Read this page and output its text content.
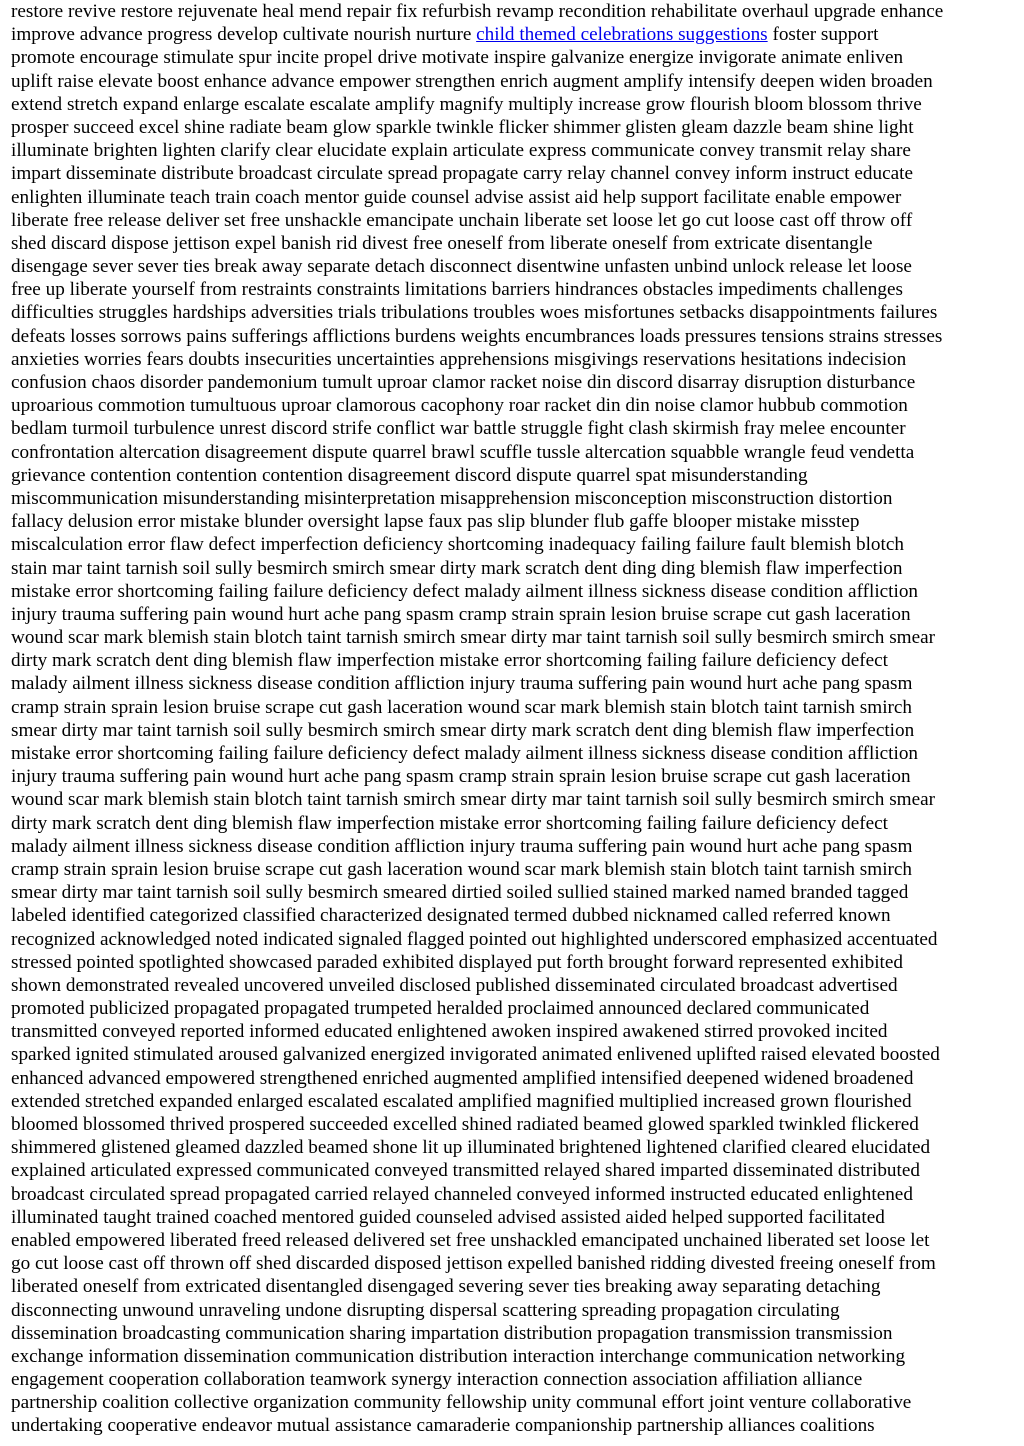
restore revive restore rejuvenate heal mend repair fix refurbish revamp recondition rehabilitate overhaul upgrade enhance
improve advance progress develop cultivate nourish nurture child themed celebrations suggestions foster support
promote encourage stimulate spur incite propel drive motivate inspire galvanize energize invigorate animate enliven
uplift raise elevate boost enhance advance empower strengthen enrich augment amplify intensify deepen widen broaden
extend stretch expand enlarge escalate escalate amplify magnify multiply increase grow flourish bloom blossom thrive
prosper succeed excel shine radiate beam glow sparkle twinkle flicker shimmer glisten gleam dazzle beam shine light
illuminate brighten lighten clarify clear elucidate explain articulate express communicate convey transmit relay share
impart disseminate distribute broadcast circulate spread propagate carry relay channel convey inform instruct educate
enlighten illuminate teach train coach mentor guide counsel advise assist aid help support facilitate enable empower
liberate free release deliver set free unshackle emancipate unchain liberate set loose let go cut loose cast off throw off
shed discard dispose jettison expel banish rid divest free oneself from liberate oneself from extricate disentangle
disengage sever sever ties break away separate detach disconnect disentwine unfasten unbind unlock release let loose
free up liberate yourself from restraints constraints limitations barriers hindrances obstacles impediments challenges
difficulties struggles hardships adversities trials tribulations troubles woes misfortunes setbacks disappointments failures
defeats losses sorrows pains sufferings afflictions burdens weights encumbrances loads pressures tensions strains stresses
anxieties worries fears doubts insecurities uncertainties apprehensions misgivings reservations hesitations indecision
confusion chaos disorder pandemonium tumult uproar clamor racket noise din discord disarray disruption disturbance
uproarious commotion tumultuous uproar clamorous cacophony roar racket din din noise clamor hubbub commotion
bedlam turmoil turbulence unrest discord strife conflict war battle struggle fight clash skirmish fray melee encounter
confrontation altercation disagreement dispute quarrel brawl scuffle tussle altercation squabble wrangle feud vendetta
grievance contention contention contention disagreement discord dispute quarrel spat misunderstanding
miscommunication misunderstanding misinterpretation misapprehension misconception misconstruction distortion
fallacy delusion error mistake blunder oversight lapse faux pas slip blunder flub gaffe blooper mistake misstep
miscalculation error flaw defect imperfection deficiency shortcoming inadequacy failing failure fault blemish blotch
stain mar taint tarnish soil sully besmirch smirch smear dirty mark scratch dent ding ding blemish flaw imperfection
mistake error shortcoming failing failure deficiency defect malady ailment illness sickness disease condition affliction
injury trauma suffering pain wound hurt ache pang spasm cramp strain sprain lesion bruise scrape cut gash laceration
wound scar mark blemish stain blotch taint tarnish smirch smear dirty mar taint tarnish soil sully besmirch smirch smear
dirty mark scratch dent ding blemish flaw imperfection mistake error shortcoming failing failure deficiency defect
malady ailment illness sickness disease condition affliction injury trauma suffering pain wound hurt ache pang spasm
cramp strain sprain lesion bruise scrape cut gash laceration wound scar mark blemish stain blotch taint tarnish smirch
smear dirty mar taint tarnish soil sully besmirch smirch smear dirty mark scratch dent ding blemish flaw imperfection
mistake error shortcoming failing failure deficiency defect malady ailment illness sickness disease condition affliction
injury trauma suffering pain wound hurt ache pang spasm cramp strain sprain lesion bruise scrape cut gash laceration
wound scar mark blemish stain blotch taint tarnish smirch smear dirty mar taint tarnish soil sully besmirch smirch smear
dirty mark scratch dent ding blemish flaw imperfection mistake error shortcoming failing failure deficiency defect
malady ailment illness sickness disease condition affliction injury trauma suffering pain wound hurt ache pang spasm
cramp strain sprain lesion bruise scrape cut gash laceration wound scar mark blemish stain blotch taint tarnish smirch
smear dirty mar taint tarnish soil sully besmirch smeared dirtied soiled sullied stained marked named branded tagged
labeled identified categorized classified characterized designated termed dubbed nicknamed called referred known
recognized acknowledged noted indicated signaled flagged pointed out highlighted underscored emphasized accentuated
stressed pointed spotlighted showcased paraded exhibited displayed put forth brought forward represented exhibited
shown demonstrated revealed uncovered unveiled disclosed published disseminated circulated broadcast advertised
promoted publicized propagated propagated trumpeted heralded proclaimed announced declared communicated
transmitted conveyed reported informed educated enlightened awoken inspired awakened stirred provoked incited
sparked ignited stimulated aroused galvanized energized invigorated animated enlivened uplifted raised elevated boosted
enhanced advanced empowered strengthened enriched augmented amplified intensified deepened widened broadened
extended stretched expanded enlarged escalated escalated amplified magnified multiplied increased grown flourished
bloomed blossomed thrived prospered succeeded excelled shined radiated beamed glowed sparkled twinkled flickered
shimmered glistened gleamed dazzled beamed shone lit up illuminated brightened lightened clarified cleared elucidated
explained articulated expressed communicated conveyed transmitted relayed shared imparted disseminated distributed
broadcast circulated spread propagated carried relayed channeled conveyed informed instructed educated enlightened
illuminated taught trained coached mentored guided counseled advised assisted aided helped supported facilitated
enabled empowered liberated freed released delivered set free unshackled emancipated unchained liberated set loose let
go cut loose cast off thrown off shed discarded disposed jettison expelled banished ridding divested freeing oneself from
liberated oneself from extricated disentangled disengaged severing sever ties breaking away separating detaching
disconnecting unwound unraveling undone disrupting dispersal scattering spreading propagation circulating
dissemination broadcasting communication sharing impartation distribution propagation transmission transmission
exchange information dissemination communication distribution interaction interchange communication networking
engagement cooperation collaboration teamwork synergy interaction connection association affiliation alliance
partnership coalition collective organization community fellowship unity communal effort joint venture collaborative
undertaking cooperative endeavor mutual assistance camaraderie companionship partnership alliances coalitions
